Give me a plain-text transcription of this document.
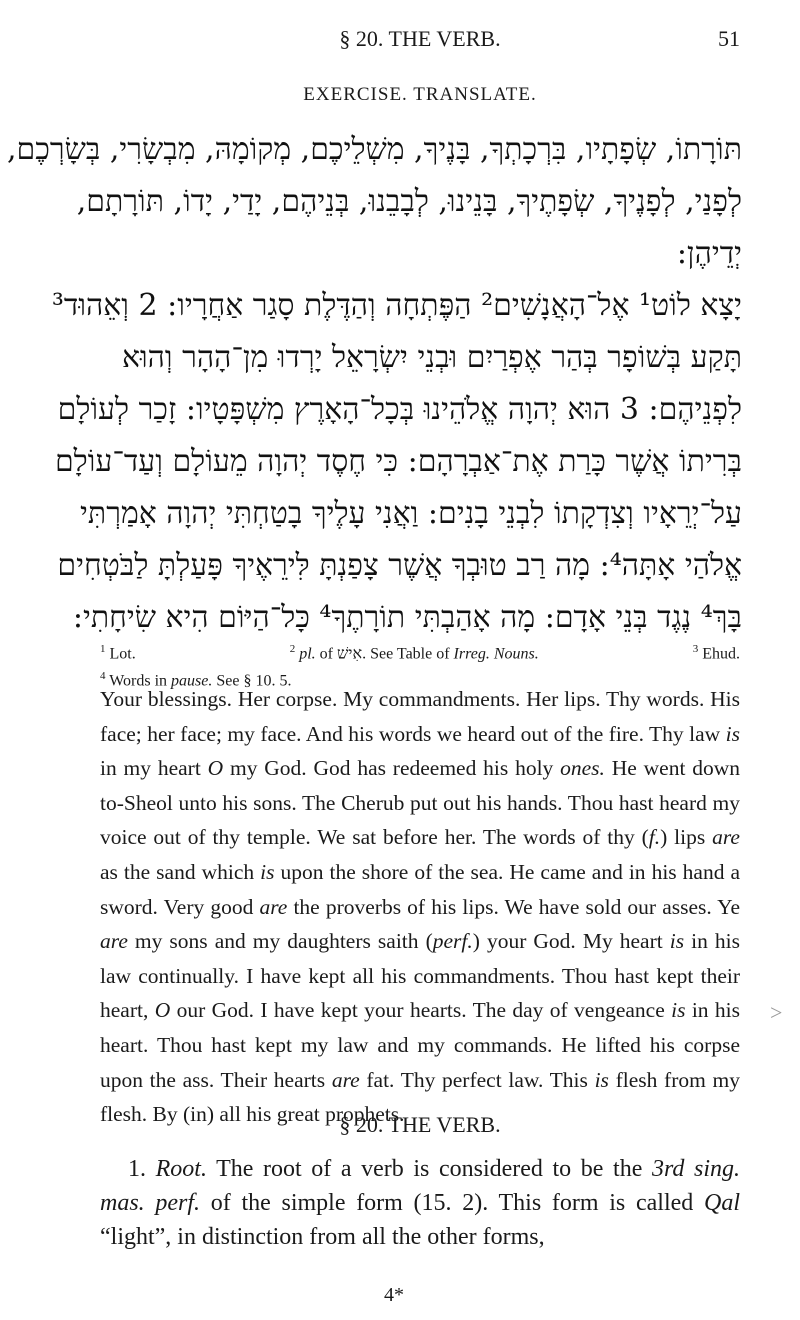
§ 20. THE VERB.	51
EXERCISE. TRANSLATE.
תּוֹרָתוֹ, שְׂפָתָיו, בִּרְכָתְךָ, בָּנֶיךָ, מִשְׁלֵיכֶם, מְקוֹמָהּ, מִבְשָׂרִי, בְּשָׂרְכֶם,
לְפָנַי, לְפָנֶיךָ, שְׂפָתֶיךָ, בָּנֵינוּ, לְבָבֵנוּ, בְּנֵיהֶם, יָדַי, יָדוֹ, תּוֹרָתָם,
יְדֵיהֶן:
יָצָא לוֹט¹ אֶל־הָאֲנָשִׁים² הַפֶּתְחָה וְהַדֶּלֶת סָגַר אַחֲרָיו: 2 וְאֵהוּד³
תָּקַע בְּשׁוֹפָר בְּהַר אֶפְרַיִם וּבְנֵי יִשְׂרָאֵל יָרְדוּ מִן־הָהָר וְהוּא
לִפְנֵיהֶם: 3 הוּא יְהוָה אֱלֹהֵינוּ בְּכָל־הָאָרֶץ מִשְׁפָּטָיו: זָכַר לְעוֹלָם
בְּרִיתוֹ אֲשֶׁר כָּרַת אֶת־אַבְרָהָם: כִּי חֶסֶד יְהוָה מֵעוֹלָם וְעַד־עוֹלָם
עַל־יְרֵאָיו וְצִדְקָתוֹ לִבְנֵי בָנִים: וַאֲנִי עָלֶיךָ בָטַחְתִּי יְהוָה אָמַרְתִּי
אֱלֹהַי אָתָּה⁴: מָה רַב טוּבְךָ אֲשֶׁר צָפַנְתָּ לִּירֵאֶיךָ פָּעַלְתָּ לַבֹּטְחִים
בָּךְ⁴ נֶגֶד בְּנֵי אָדָם: מָה אָהַבְתִּי תוֹרָתֶךָ⁴ כָּל־הַיּוֹם הִיא שִׂיחָתִי:
$^1$ Lot.	$^2$ pl. of אִישׁ. See Table of Irreg. Nouns.	$^3$ Ehud.
$^4$ Words in pause. See § 10. 5.
Your blessings. Her corpse. My commandments. Her lips. Thy words. His face; her face; my face. And his words we heard out of the fire. Thy law is in my heart O my God. God has redeemed his holy ones. He went down to-Sheol unto his sons. The Cherub put out his hands. Thou hast heard my voice out of thy temple. We sat before her. The words of thy (f.) lips are as the sand which is upon the shore of the sea. He came and in his hand a sword. Very good are the proverbs of his lips. We have sold our asses. Ye are my sons and my daughters saith (perf.) your God. My heart is in his law continually. I have kept all his commandments. Thou hast kept their heart, O our God. I have kept your hearts. The day of vengeance is in his heart. Thou hast kept my law and my commands. He lifted his corpse upon the ass. Their hearts are fat. Thy perfect law. This is flesh from my flesh. By (in) all his great prophets.
§ 20. THE VERB.
1. Root. The root of a verb is considered to be the 3rd sing. mas. perf. of the simple form (15. 2). This form is called Qal “light”, in distinction from all the other forms,
4*
>
